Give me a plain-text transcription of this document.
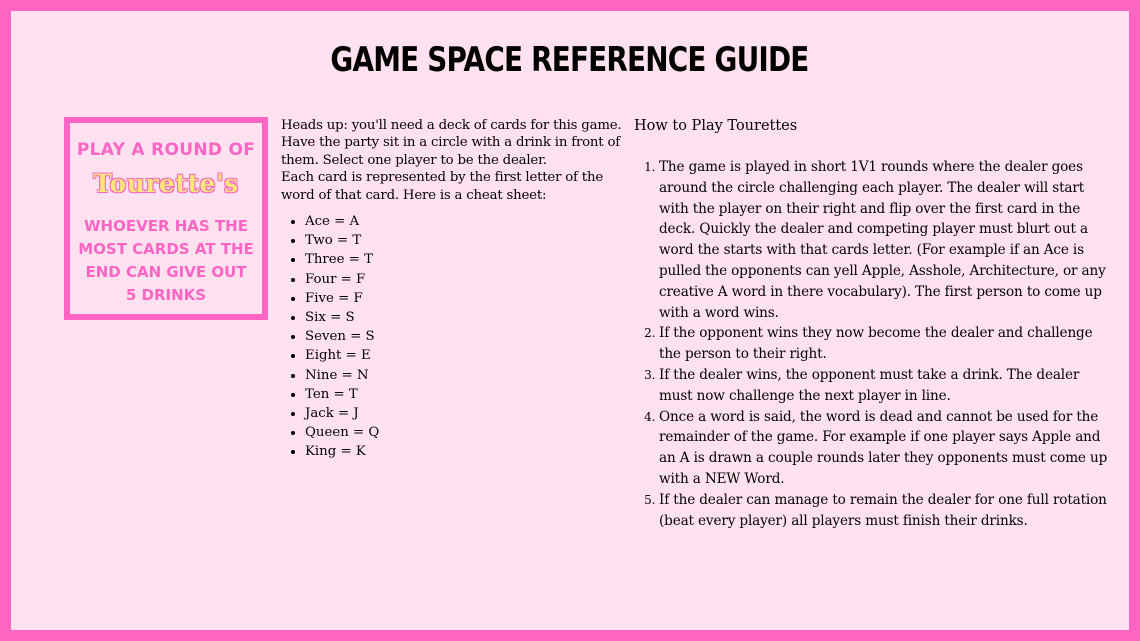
GAME SPACE REFERENCE GUIDE
PLAY A ROUND OF
Tourette's
WHOEVER HAS THE MOST CARDS AT THE END CAN GIVE OUT 5 DRINKS

Heads up: you'll need a deck of cards for this game. Have the party sit in a circle with a drink in front of them. Select one player to be the dealer.

Each card is represented by the first letter of the word of that card. Here is a cheat sheet:

• Ace = A
• Two = T
• Three = T
• Four = F
• Five = F
• Six = S
• Seven = S
• Eight = E
• Nine = N
• Ten = T
• Jack = J
• Queen = Q
• King = K
How to Play Tourettes
1. The game is played in short 1V1 rounds where the dealer goes around the circle challenging each player. The dealer will start with the player on their right and flip over the first card in the deck. Quickly the dealer and competing player must blurt out a word the starts with that cards letter. (For example if an Ace is pulled the opponents can yell Apple, Asshole, Architecture, or any creative A word in there vocabulary). The first person to come up with a word wins.
2. If the opponent wins they now become the dealer and challenge the person to their right.
3. If the dealer wins, the opponent must take a drink. The dealer must now challenge the next player in line.
4. Once a word is said, the word is dead and cannot be used for the remainder of the game. For example if one player says Apple and an A is drawn a couple rounds later they opponents must come up with a NEW Word.
5. If the dealer can manage to remain the dealer for one full rotation (beat every player) all players must finish their drinks.
